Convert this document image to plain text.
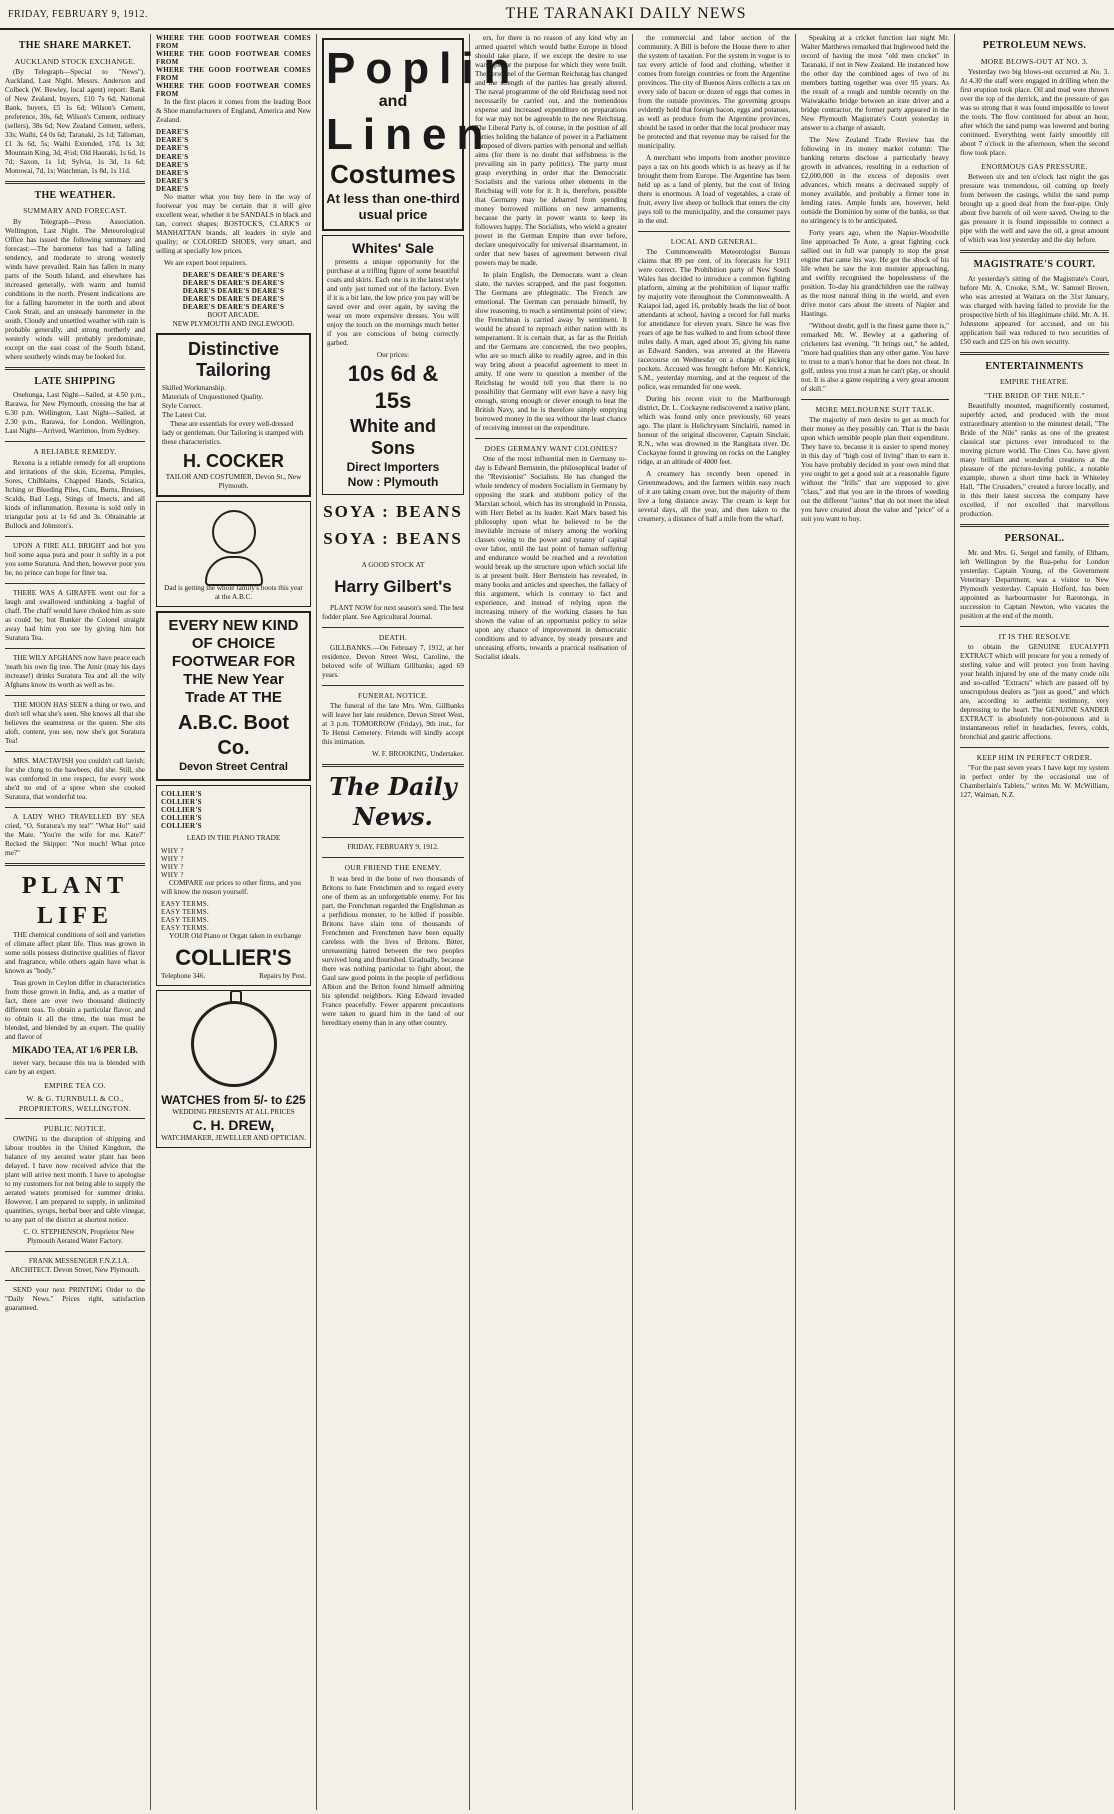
FRIDAY, FEBRUARY 9, 1912.	THE TARANAKI DAILY NEWS
THE SHARE MARKET.
AUCKLAND STOCK EXCHANGE.

(By Telegraph—Special to "News"). Auckland, Last Night. Messrs. Anderson and Colbeck (W. Bewley, local agent) report: Bank of New Zealand, buyers, £10 7s 6d; National Bank, buyers, £5 1s 6d; Wilson's Cement, preference, 30s, 6d; Wilson's Cement, ordinary (sellers), 38s 6d; New Zealand Cement, sellers, 33s; Waihi, £4 0s 6d; Taranaki, 2s 1d; Talisman, £1 3s 6d, 5s; Waihi Extended, 17d, 1s 3d; Mountain King, 3d, 4½d; Old Hauraki, 1s 6d, 1s 7d; Saxon, 1s 1d; Sylvia, 1s 3d, 1s 6d; Monowai, 7d, 1s; Watchman, 1s 8d, 1s 11d.

THE WEATHER.
SUMMARY AND FORECAST.

By Telegraph—Press Association. Wellington, Last Night. The Meteorological Office has issued the following summary and forecast:—The barometer has had a falling tendency, and moderate to strong westerly winds have prevailed. Rain has fallen in many parts of the South Island, and elsewhere has increased generally, with warm and humid conditions in the north. Present indications are for a falling barometer in the north and about Cook Strait, and an unsteady barometer in the south. Cloudy and unsettled weather with rain is probable generally, and strong northerly and westerly winds will probably predominate, except on the east coast of the South Island, where southerly winds may be looked for.

LATE SHIPPING

Onehunga, Last Night—Sailed, at 4.50 p.m., Rarawa, for New Plymouth, crossing the bar at 6.30 p.m. Wellington, Last Night—Sailed, at 2.30 p.m., Rarawa, for London. Wellington, Last Night—Arrived, Warrimoo, from Sydney.

A RELIABLE REMEDY.

Rexona is a reliable remedy for all eruptions and irritations of the skin, Eczema, Pimples, Sores, Chilblains, Chapped Hands, Sciatica, Itching or Bleeding Piles, Cuts, Burns, Bruises, Scalds, Bad Legs, Stings of Insects, and all kinds of inflammation. Rexona is sold only in triangular pots at 1s 6d and 3s. Obtainable at Bullock and Johnston's.

UPON A FIRE ALL BRIGHT and hot you boil some aqua pura and pour it softly in a pot you some Suratura. And then, however poor you be, no prince can hope for finer tea.

THERE WAS A GIRAFFE went out for a laugh and swallowed unthinking a bagful of chaff. The chaff would have choked him as sure as could be; but Bunker the Colonel straight away had him you see by giving him hot Suratura Tea.

THE WILY AFGHANS now have peace each 'neath his own fig tree. The Amir (may his days increase!) drinks Suratura Tea and all the wily Afghans know its worth as well as he.

THE MOON HAS SEEN a thing or two, and don't tell what she's seen. She knows all that she believes the seamstress or the queen. She sits aloft, content, you see, now she's got Suratura Tea!

MRS. MACTAVISH you couldn't call lavish; for she clung to the bawbees, did she. Still, she was comforted in one respect, for every week she'd no end of a spree when she cooked Suratura, that wonderful tea.

A LADY WHO TRAVELLED BY SEA cried, "O, Suratura's my tea!" "What Ho!" said the Mate. "You're the wife for me. Kate?" Recked the Skipper: "Not much! What price me?"

PLANT LIFE

THE chemical conditions of soil and varieties of climate affect plant life. Thus teas grown in some soils possess distinctive qualities of flavor and fragrance, while others again have what is known as "body."

Teas grown in Ceylon differ in characteristics from those grown in India, and, as a matter of fact, there are over two thousand distinctly different teas. To obtain a particular flavor, and to obtain it all the time, the teas must be blended, and blended by an expert. The quality and flavor of

MIKADO TEA, AT 1/6 PER LB.

never vary, because this tea is blended with care by an expert.

EMPIRE TEA CO.
W. & G. TURNBULL & CO., PROPRIETORS, WELLINGTON.
PUBLIC NOTICE.

OWING to the disruption of shipping and labour troubles in the United Kingdom, the balance of my aerated water plant has been delayed. I have now received advice that the plant will arrive next month. I have to apologise to my customers for not being able to supply the aerated waters promised for summer drinks. However, I am prepared to supply, in unlimited quantities, syrups, herbal beer and table vinegar, to any part of the district at shortest notice.

C. O. STEPHENSON, Proprietor New Plymouth Aerated Water Factory.

FRANK MESSENGER F.N.Z.I.A. ARCHITECT. Devon Street, New Plymouth.

SEND your next PRINTING Order to the "Daily News." Prices right, satisfaction guaranteed.

WHERE THE GOOD FOOTWEAR COMES FROM
WHERE THE GOOD FOOTWEAR COMES FROM
WHERE THE GOOD FOOTWEAR COMES FROM
WHERE THE GOOD FOOTWEAR COMES FROM

In the first places it comes from the leading Boot & Shoe manufacturers of England, America and New Zealand.

DEARE'S
DEARE'S
DEARE'S
DEARE'S
DEARE'S
DEARE'S
DEARE'S
DEARE'S

No matter what you buy here in the way of footwear you may be certain that it will give excellent wear, whether it be SANDALS in black and tan, correct shapes; BOSTOCK'S, CLARK'S or MANHATTAN brands, all leaders in style and quality; or COLORED SHOES, very smart, and selling at specially low prices.

We are expert boot repairers.

DEARE'S DEARE'S DEARE'S
DEARE'S DEARE'S DEARE'S
DEARE'S DEARE'S DEARE'S
DEARE'S DEARE'S DEARE'S
DEARE'S DEARE'S DEARE'S
BOOT ARCADE.
NEW PLYMOUTH AND INGLEWOOD.
Distinctive Tailoring
Skilled Workmanship.
Materials of Unquestioned Quality.
Style Correct.
The Latest Cut.

These are essentials for every well-dressed lady or gentleman. Our Tailoring is stamped with these characteristics.

H. COCKER
TAILOR AND COSTUMIER, Devon St., New Plymouth.
Dad is getting the whole family's boots this year at the A.B.C.
EVERY NEW KIND OF CHOICE FOOTWEAR FOR THE New Year Trade AT THE
A.B.C. Boot Co.
Devon Street Central
COLLIER'S
COLLIER'S
COLLIER'S
COLLIER'S
COLLIER'S
LEAD IN THE PIANO TRADE
WHY ?
WHY ?
WHY ?
WHY ?

COMPARE our prices to other firms, and you will know the reason yourself.

EASY TERMS.
EASY TERMS.
EASY TERMS.
EASY TERMS.

YOUR Old Piano or Organ taken in exchange

COLLIER'S
Telephone 346.	Repairs by Post.
WATCHES from 5/- to £25
WEDDING PRESENTS AT ALL PRICES
C. H. DREW,
WATCHMAKER, JEWELLER AND OPTICIAN.
Poplin
and
Linen
Costumes
At less than one-third usual price
Whites' Sale

presents a unique opportunity for the purchase at a trifling figure of some beautiful coats and skirts. Each one is in the latest style and only just turned out of the factory. Even if it is a bit late, the low price you pay will be saved over and over again, by saving the wear on more expensive dresses. You will enjoy the touch on the mornings much better if you are conscious of being correctly garbed.

Our prices:
10s 6d & 15s
White and Sons
Direct Importers
Now : Plymouth
SOYA : BEANS
SOYA : BEANS
A GOOD STOCK AT
Harry Gilbert's

PLANT NOW for next season's seed. The best fodder plant. See Agricultural Journal.

DEATH.

GILLBANKS.—On February 7, 1912, at her residence, Devon Street West, Caroline, the beloved wife of William Gillbanks; aged 69 years.

FUNERAL NOTICE.

The funeral of the late Mrs. Wm. Gillbanks will leave her late residence, Devon Street West, at 3 p.m. TOMORROW (Friday), 9th inst., for Te Henui Cemetery. Friends will kindly accept this intimation.

W. F. BROOKING, Undertaker.
The Daily News.
FRIDAY, FEBRUARY 9, 1912.
OUR FRIEND THE ENEMY.

It was bred in the bone of two thousands of Britons to hate Frenchmen and to regard every one of them as an unforgettable enemy. For his part, the Frenchman regarded the Englishman as a perfidious monster, to be killed if possible. Britons have slain tens of thousands of Frenchmen and Frenchmen have been equally careless with the lives of Britons. Bitter, unreasoning hatred between the two peoples survived long and flourished. Gradually, because there was nothing particular to fight about, the Gaul saw good points in the people of perfidious Albion and the Briton found himself admiring his splendid neighbors. King Edward invaded France peacefully. Fewer apparent precautions were taken to guard him in the land of our hereditary enemy than in any other country.

ers, for there is no reason of any kind why an armed quarrel which would bathe Europe in blood should take place, if we except the desire to use warships for the purpose for which they were built. The personnel of the German Reichstag has changed and the strength of the parties has greatly altered. The naval programme of the old Reichstag need not necessarily be carried out, and the tremendous expense and increased expenditure on preparations for war may not be agreeable to the new Reichstag. The Liberal Party is, of course, in the position of all parties holding the balance of power in a Parliament composed of divers parties with personal and selfish aims (for there is no doubt that selfishness is the prevailing sin in party politics). The party must grasp everything in order that the Democratic Socialists and the various other elements in the Reichstag will vote for it. It is, therefore, possible that Germany may be debarred from spending money borrowed millions on new armaments, because the party in power wants to keep its followers happy. The Socialists, who wield a greater power in the German Empire than ever before, declare unequivocally for universal disarmament, in order that new bases of agreement between rival powers may be made.

In plain English, the Democrats want a clean slate, the navies scrapped, and the past forgotten. The Germans are phlegmatic. The French are emotional. The German can persuade himself, by slow reasoning, to reach a sentimental point of view; the Frenchman is carried away by sentiment. It would be absurd to reproach either nation with its temperament. It is certain that, as far as the British and the Germans are concerned, the two peoples, who are so much alike to readily agree, and in this way bring about a peaceful agreement to meet in amity. If one were to question a member of the Reichstag he would tell you that there is no possibility that Germany will ever have a navy big enough, strong enough or clever enough to beat the British Navy, and he is therefore simply emptying borrowed money in the sea without the least chance of receiving interest on the expenditure.

DOES GERMANY WANT COLONIES?

One of the most influential men in Germany to-day is Edward Bernstein, the philosophical leader of the "Revisionist" Socialists. He has changed the whole tendency of modern Socialism in Germany by opposing the stark and stubborn policy of the Marxian school, which has its stronghold in Prussia, with Herr Bebel as its leader. Karl Marx based his philosophy upon what he believed to be the inevitable increase of misery among the working classes owing to the power and tyranny of capital over labor, until the last point of human suffering and endurance would be reached and a revolution would break up the structure upon which social life is at present built. Herr Bernstein has revealed, in many books and articles and speeches, the fallacy of this argument, which is contrary to fact and experience, and instead of relying upon the increasing misery of the working classes he has shown the value of an opportunist policy to seize upon any chance of improvement in democratic conditions and to advance, by steady pressure and unceasing efforts, towards a practical realisation of Socialist ideals.

the commercial and labor section of the community. A Bill is before the House there to alter the system of taxation. For the system in vogue is to tax every article of food and clothing, whether it comes from foreign countries or from the Argentine provinces. The city of Buenos Aires collects a tax on every side of bacon or dozen of eggs that comes in from the outside provinces. The governing groups evidently hold that foreign bacon, eggs and potatoes, as well as produce from the Argentine provinces, should be taxed in order that the local producer may be protected and that revenue may be raised for the municipality.

A merchant who imports from another province pays a tax on his goods which is as heavy as if he brought them from Europe. The Argentine has been held up as a land of plenty, but the cost of living there is enormous. A load of vegetables, a crate of fruit, every live sheep or bullock that enters the city pays toll to the municipality, and the consumer pays in the end.

LOCAL AND GENERAL.

The Commonwealth Meteorologist Bureau claims that 89 per cent. of its forecasts for 1911 were correct. The Prohibition party of New South Wales has decided to introduce a common fighting platform, aiming at the prohibition of liquor traffic by majority vote throughout the Commonwealth. A Kaiapoi lad, aged 16, probably heads the list of boot attendants at school, having a record for full marks for attendance for eleven years. Since he was five years of age he has walked to and from school three miles daily. A man, aged about 35, giving his name as Edward Sanders, was arrested at the Hawera racecourse on Wednesday on a charge of picking pockets. Accused was brought before Mr. Kenrick, S.M., yesterday morning, and at the request of the police, was remanded for one week.

During his recent visit to the Marlborough district, Dr. L. Cockayne rediscovered a native plant, which was found only once previously, 60 years ago. The plant is Helichrysum Sinclairii, named in honour of the original discoverer, Captain Sinclair, R.N., who was drowned in the Rangitata river. Dr. Cockayne found it growing on rocks on the Langley ridge, at an altitude of 4000 feet.

A creamery has recently been opened in Greenmeadows, and the farmers within easy reach of it are taking cream over, but the majority of them live a long distance away. The cream is kept for several days, all the year, and then taken to the creamery, a distance of half a mile from the wharf.

Speaking at a cricket function last night Mr. Walter Matthews remarked that Inglewood held the record of having the most "old men cricket" in Taranaki, if not in New Zealand. He instanced how the other day the combined ages of two of its members batting together was over 95 years. As the result of a rough and tumble recently on the Waiwakaiho bridge between an irate driver and a bridge contractor, the former party appeared in the New Plymouth Magistrate's Court yesterday in answer to a charge of assault.

The New Zealand Trade Review has the following in its money market column: The banking returns disclose a particularly heavy growth in advances, resulting in a reduction of £2,000,000 in the excess of deposits over advances, which means a decreased supply of money available, and probably a firmer tone in lending rates. Ample funds are, however, held outside the Dominion by some of the banks, so that no stringency is to be anticipated.

Forty years ago, when the Napier-Woodville line approached Te Aute, a great fighting cock sallied out in full war panoply to stop the great engine that came his way. He got the shock of his life when he saw the iron monster approaching, and swiftly recognised the hopelessness of the position. To-day his grandchildren use the railway as the most natural thing in the world, and even drive motor cars about the streets of Napier and Hastings.

"Without doubt, golf is the finest game there is," remarked Mr. W. Bewley at a gathering of cricketers last evening. "It brings out," he added, "more bad qualities than any other game. You have to trust to a man's honor that he does not cheat. In golf, unless you trust a man he can't play, or should not. It is also a game requiring a very great amount of skill."

MORE MELBOURNE SUIT TALK.

The majority of men desire to get as much for their money as they possibly can. That is the basis upon which sensible people plan their expenditure. They have to, because it is easier to spend money in this day of "high cost of living" than to earn it. You have probably decided in your own mind that you ought to get a good suit at a reasonable figure without the "frills" that are supposed to give "class," and that you are in the throes of weeding out the different "suites" that do not meet the ideal you have created about the value and "price" of a suit you want to buy.

PETROLEUM NEWS.
MORE BLOWS-OUT AT NO. 3.

Yesterday two big blows-out occurred at No. 3. At 4.30 the staff were engaged in drilling when the first eruption took place. Oil and mud were thrown over the top of the derrick, and the pressure of gas was so strong that it was found impossible to lower the tools. The flow continued for about an hour, after which the sand pump was lowered and boring continued. Everything went fairly smoothly till about 7 o'clock in the afternoon, when the second flow took place.

ENORMOUS GAS PRESSURE.

Between six and ten o'clock last night the gas pressure was tremendous, oil coming up freely from between the casings, whilst the sand pump brought up a good deal from the four-pipe. Only about five barrels of oil were saved. Owing to the gas pressure it is found impossible to connect a pipe with the well and save the oil, a great amount of which was lost yesterday and the day before.

MAGISTRATE'S COURT.

At yesterday's sitting of the Magistrate's Court, before Mr. A. Crooke, S.M., W. Samuel Brown, who was arrested at Waitara on the 31st January, was charged with having failed to provide for the prospective birth of his illegitimate child. Mr. A. H. Johnstone appeared for accused, and on his application bail was reduced to two securities of £50 each and £25 on his own security.

ENTERTAINMENTS
EMPIRE THEATRE.
"THE BRIDE OF THE NILE."

Beautifully mounted, magnificently costumed, superbly acted, and produced with the most extraordinary attention to the minutest detail, "The Bride of the Nile" ranks as one of the greatest classical star pictures ever introduced to the moving picture world. The Cines Co. have given many brilliant and wonderful creations at the pleasure of the picture-loving public, a notable example, shown a short time back in Whiteley Hall, "The Crusaders," created a furore locally, and in this their latest success the company have excelled, if not excelled that marvellous production.

PERSONAL.

Mr. and Mrs. G. Sergel and family, of Eltham, left Wellington by the Rua-pehu for London yesterday. Captain Young, of the Government Veterinary Department, was a visitor to New Plymouth yesterday. Captain Holford, has been appointed as harbourmaster for Rarotonga, in succession to Captain Newton, who vacates the position at the end of the month.

IT IS THE RESOLVE

to obtain the GENUINE EUCALYPTI EXTRACT which will procure for you a remedy of sterling value and will protect you from having your health injured by one of the many crude oils and so-called "Extracts" which are passed off by unscrupulous dealers as "just as good," and which are, according to authentic testimony, very depressing to the heart. The GENUINE SANDER EXTRACT is absolutely non-poisonous and is instantaneous relief in headaches, fevers, colds, bronchial and gastric affections.

KEEP HIM IN PERFECT ORDER.

"For the past seven years I have kept my system in perfect order by the occasional use of Chamberlain's Tablets," writes Mr. W. McWilliam, 127, Waiman, N.Z.
